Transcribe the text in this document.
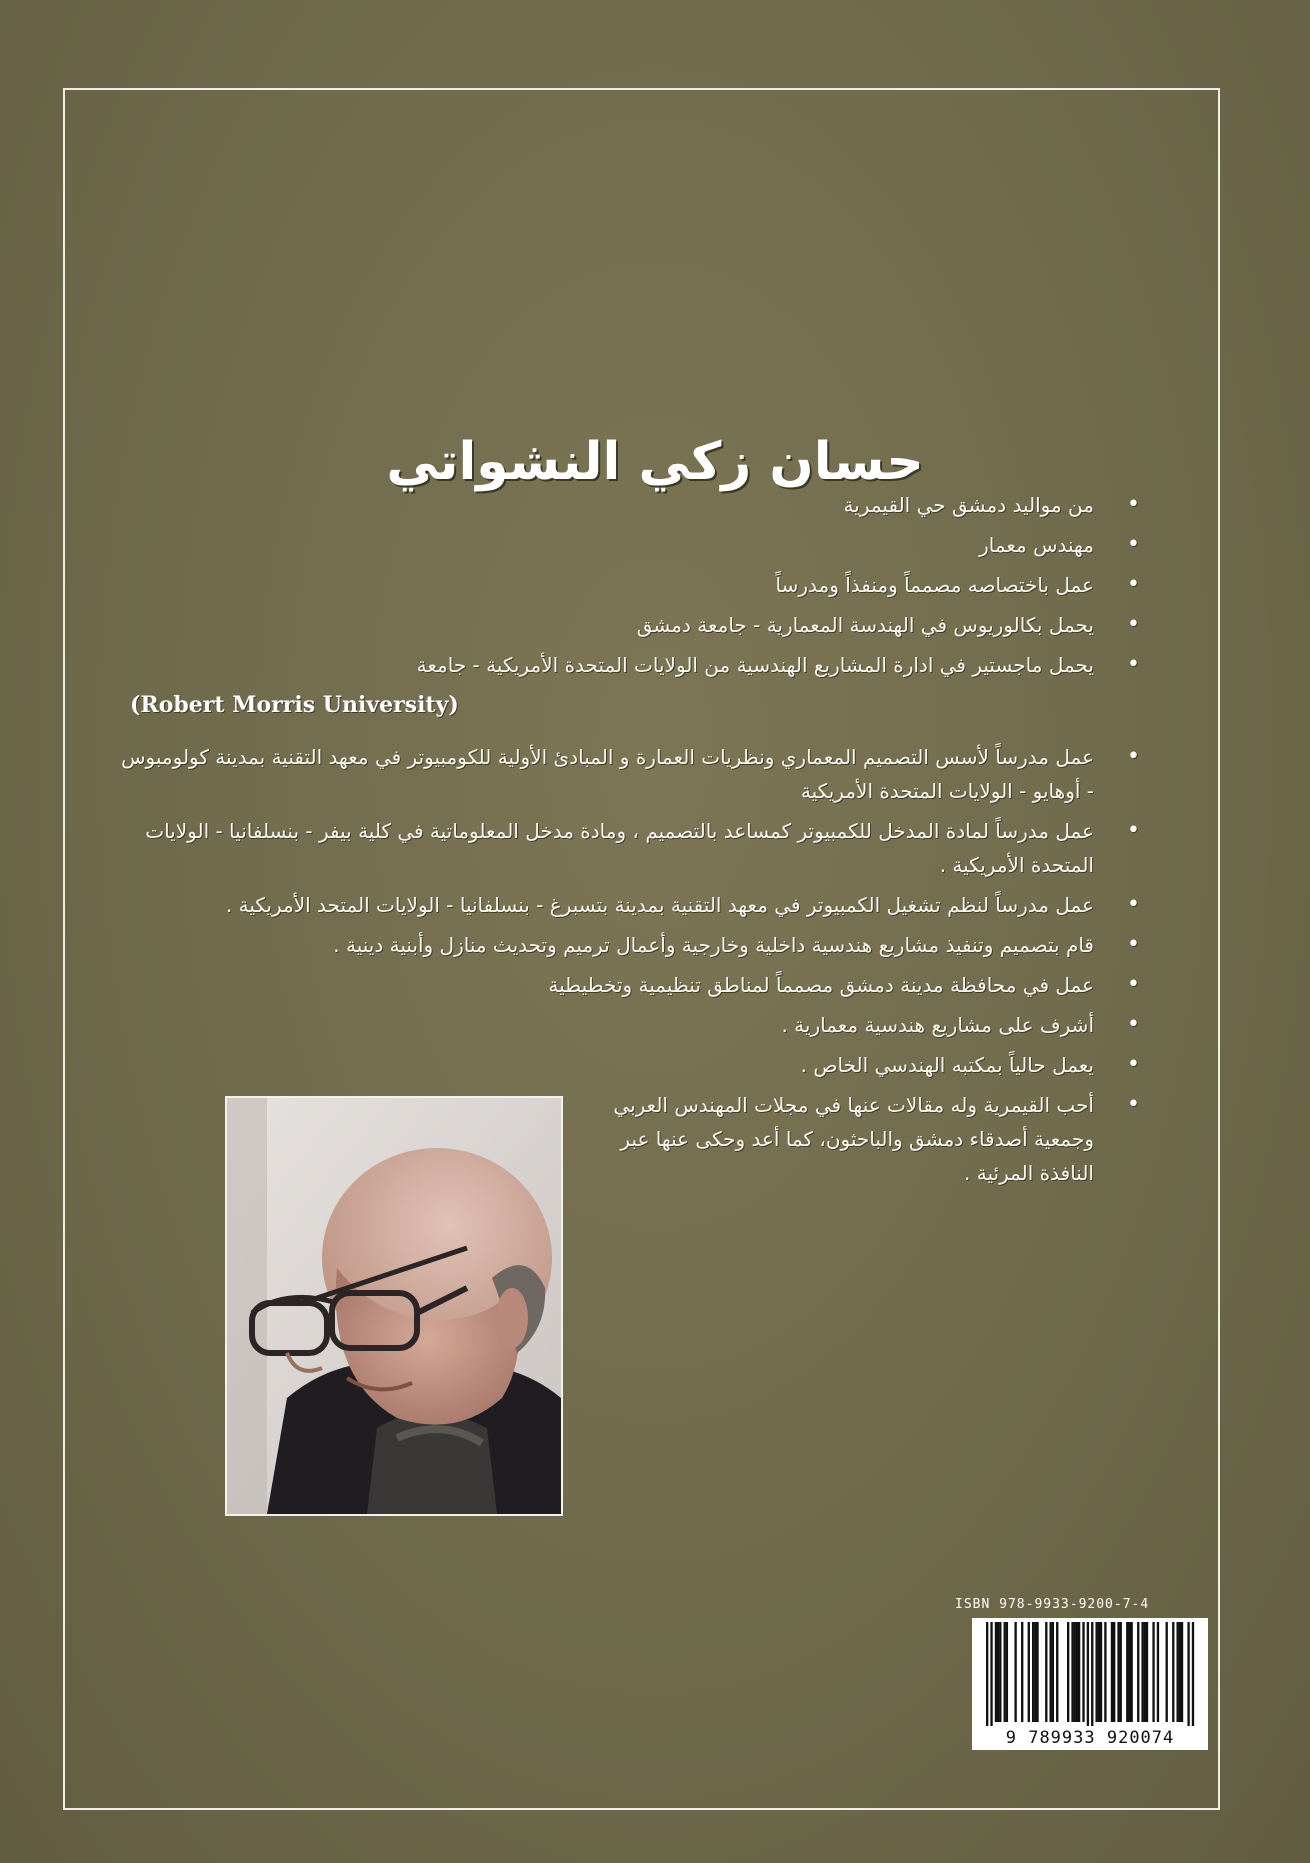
حسان زكي النشواتي
• من مواليد دمشق حي القيمرية
• مهندس معمار
• عمل باختصاصه مصمماً ومنفذاً ومدرساً
• يحمل بكالوريوس في الهندسة المعمارية - جامعة دمشق
• يحمل ماجستير في ادارة المشاريع الهندسية من الولايات المتحدة الأمريكية - جامعة
(Robert Morris University)
• عمل مدرساً لأسس التصميم المعماري ونظريات العمارة و المبادئ الأولية للكومبيوتر في معهد التقنية بمدينة كولومبوس - أوهايو - الولايات المتحدة الأمريكية
• عمل مدرساً لمادة المدخل للكمبيوتر كمساعد بالتصميم ، ومادة مدخل المعلوماتية في كلية بيفر - بنسلفانيا - الولايات المتحدة الأمريكية .
• عمل مدرساً لنظم تشغيل الكمبيوتر في معهد التقنية بمدينة بتسبرغ - بنسلفانيا - الولايات المتحد الأمريكية .
• قام بتصميم وتنفيذ مشاريع هندسية داخلية وخارجية وأعمال ترميم وتحديث منازل وأبنية دينية .
• عمل في محافظة مدينة دمشق مصمماً لمناطق تنظيمية وتخطيطية
• أشرف على مشاريع هندسية معمارية .
• يعمل حالياً بمكتبه الهندسي الخاص .
• أحب القيمرية وله مقالات عنها في مجلات المهندس العربي وجمعية أصدقاء دمشق والباحثون، كما أعد وحكى عنها عبر النافذة المرئية .
ISBN 978-9933-9200-7-4
9 789933 920074
